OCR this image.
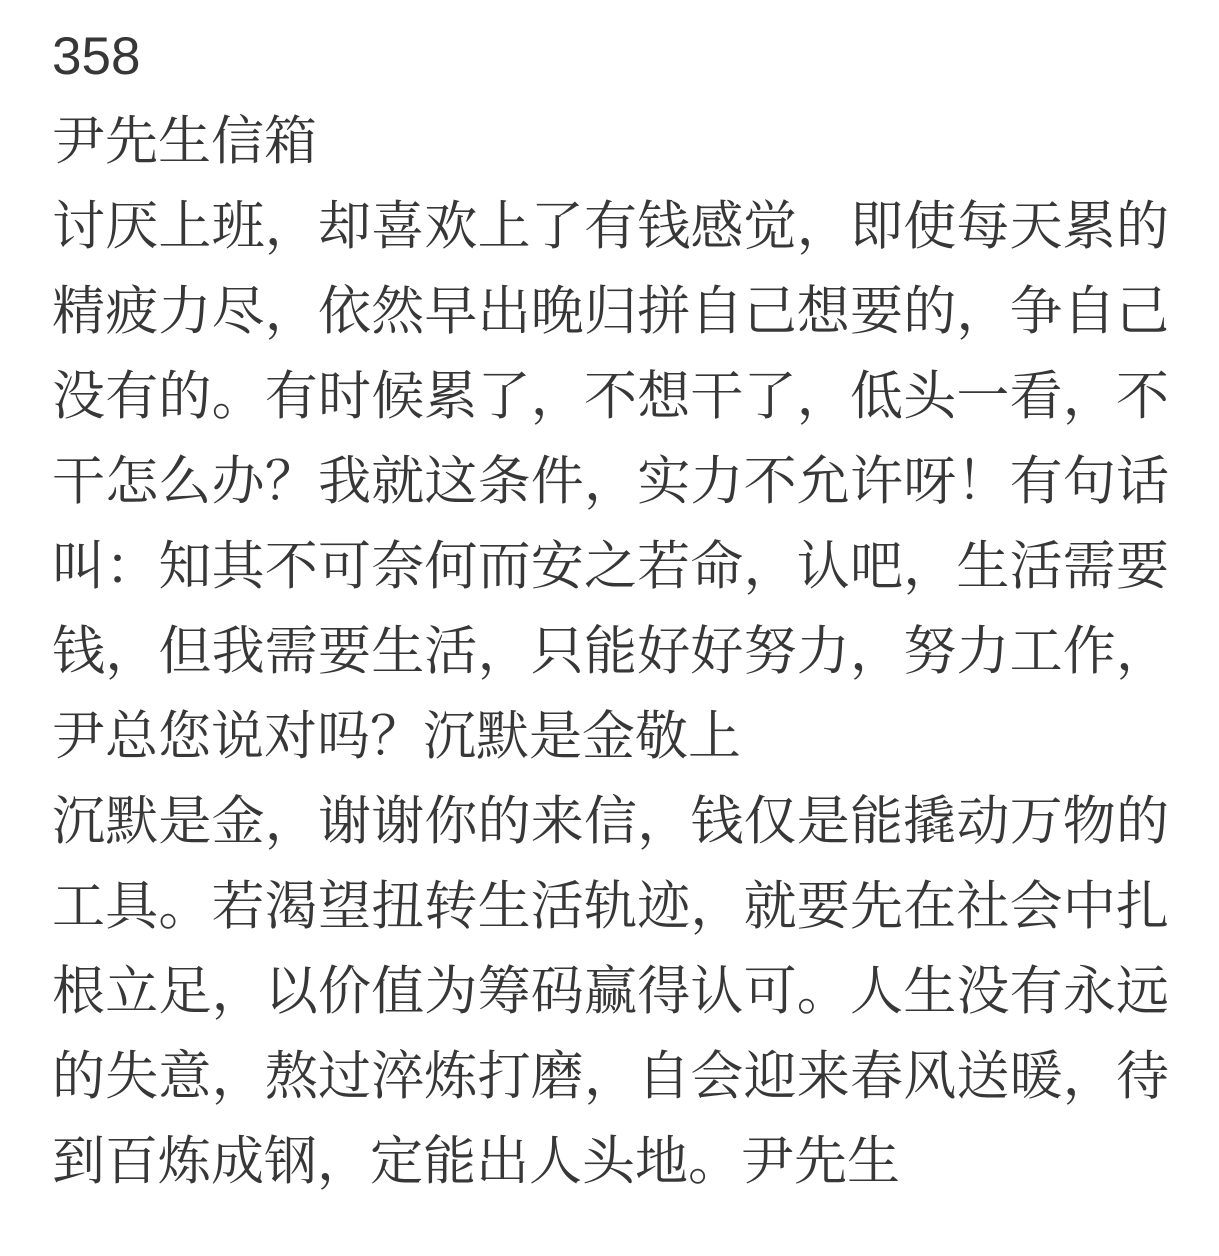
358
尹先生信箱

讨厌上班，却喜欢上了有钱感觉，即使每天累的精疲力尽，依然早出晚归拼自己想要的，争自己没有的。有时候累了，不想干了，低头一看，不干怎么办？我就这条件，实力不允许呀！有句话叫：知其不可奈何而安之若命，认吧，生活需要钱，但我需要生活，只能好好努力，努力工作，尹总您说对吗？沉默是金敬上

沉默是金，谢谢你的来信，钱仅是能撬动万物的工具。若渴望扭转生活轨迹，就要先在社会中扎根立足，以价值为筹码赢得认可。人生没有永远的失意，熬过淬炼打磨，自会迎来春风送暖，待到百炼成钢，定能出人头地。尹先生
